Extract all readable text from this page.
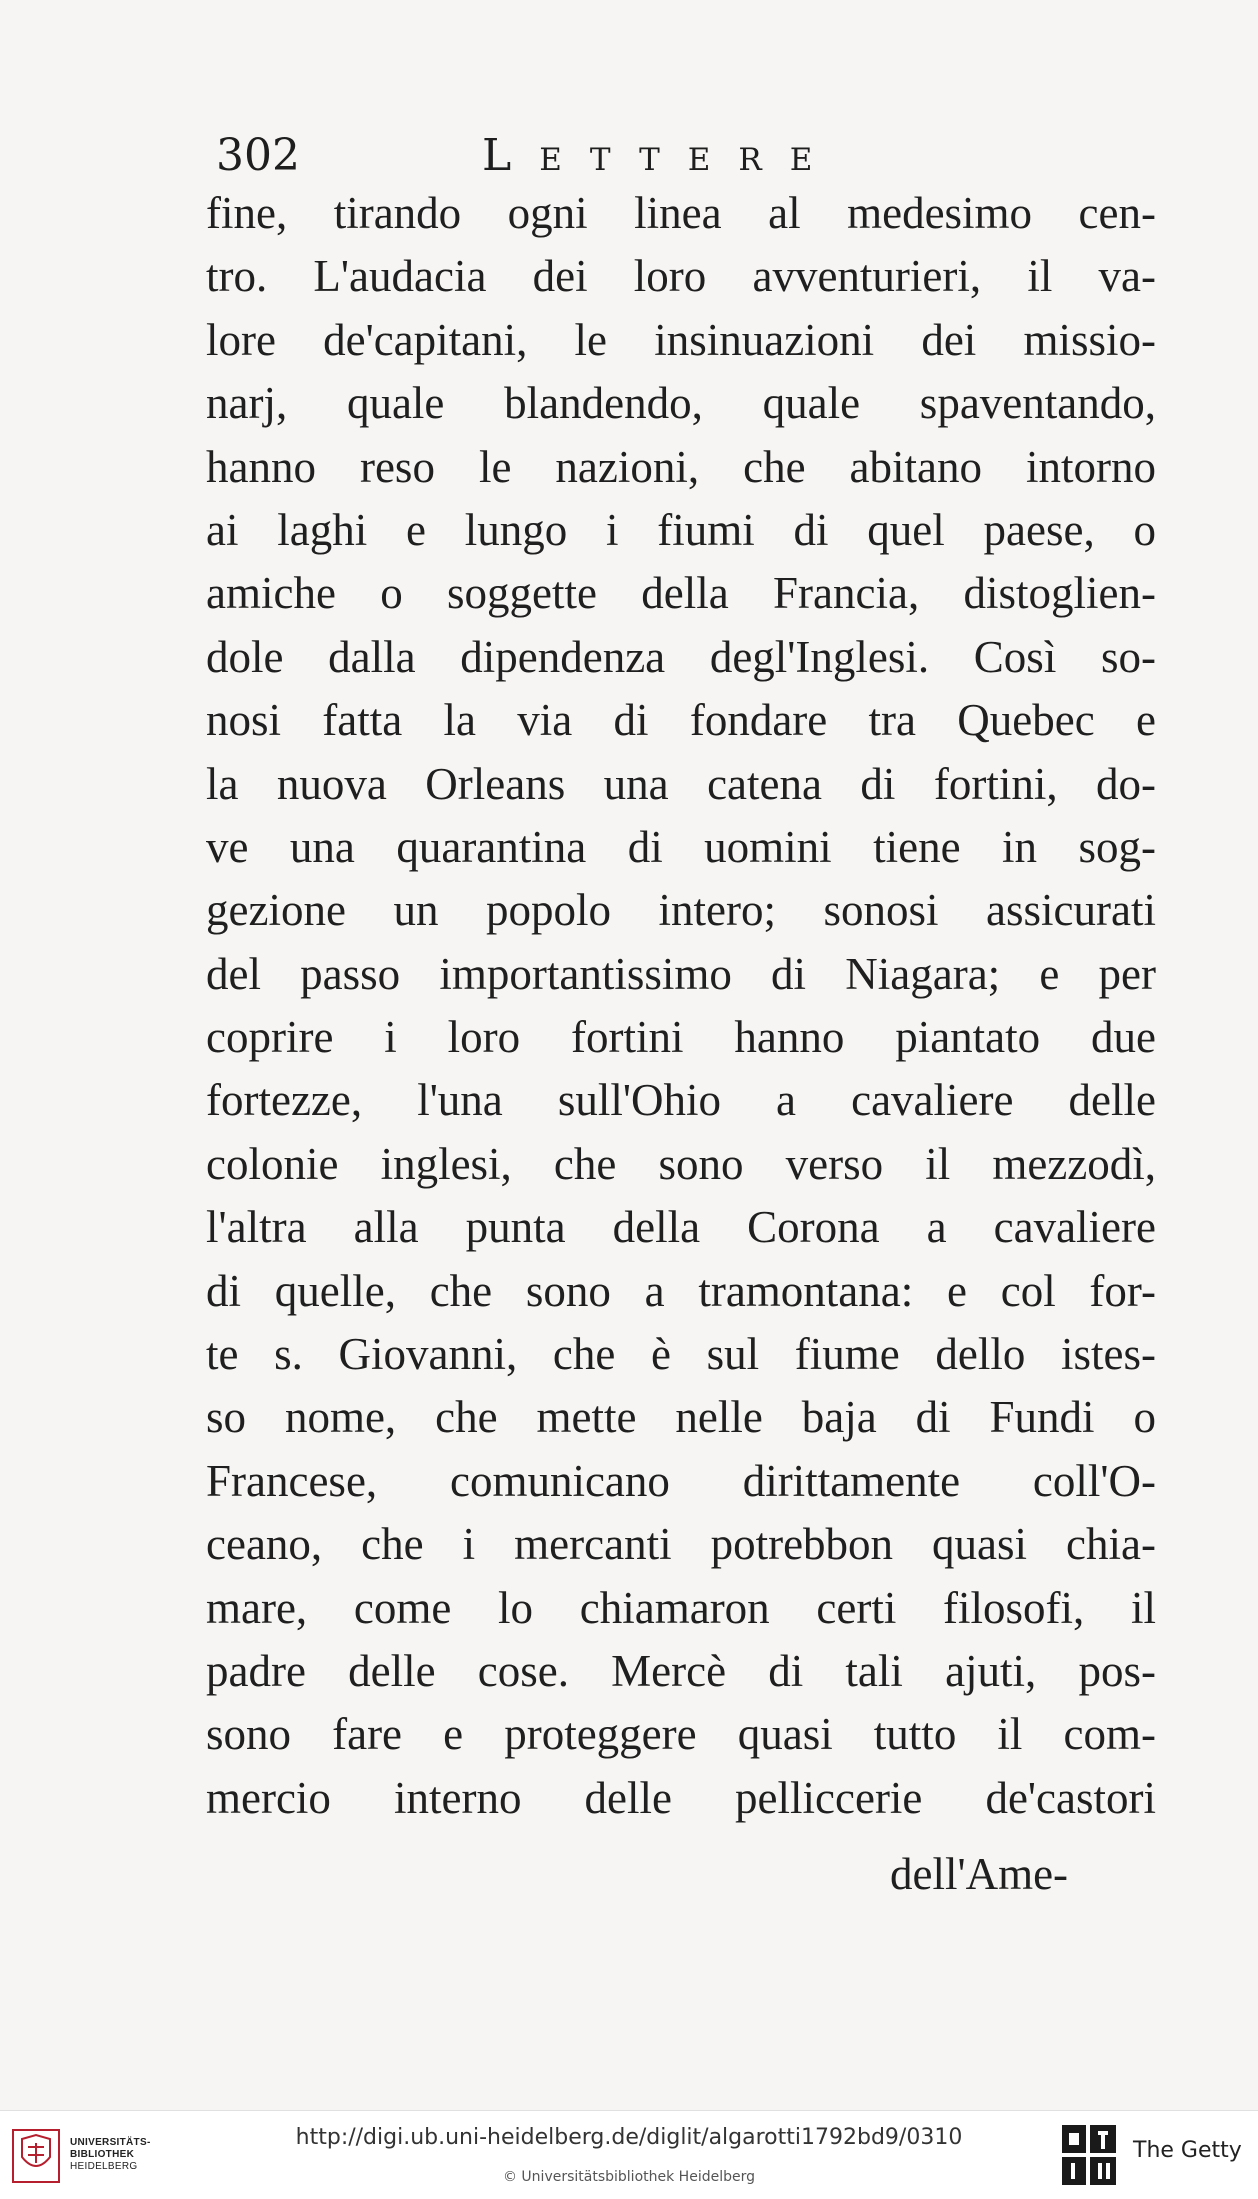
302	Lettere
fine, tirando ogni linea al medesimo cen-
tro. L'audacia dei loro avventurieri, il va-
lore de'capitani, le insinuazioni dei missio-
narj, quale blandendo, quale spaventando,
hanno reso le nazioni, che abitano intorno
ai laghi e lungo i fiumi di quel paese, o
amiche o soggette della Francia, distoglien-
dole dalla dipendenza degl'Inglesi. Così so-
nosi fatta la via di fondare tra Quebec e
la nuova Orleans una catena di fortini, do-
ve una quarantina di uomini tiene in sog-
gezione un popolo intero; sonosi assicurati
del passo importantissimo di Niagara; e per
coprire i loro fortini hanno piantato due
fortezze, l'una sull'Ohio a cavaliere delle
colonie inglesi, che sono verso il mezzodì,
l'altra alla punta della Corona a cavaliere
di quelle, che sono a tramontana: e col for-
te s. Giovanni, che è sul fiume dello istes-
so nome, che mette nelle baja di Fundi o
Francese, comunicano dirittamente coll'O-
ceano, che i mercanti potrebbon quasi chia-
mare, come lo chiamaron certi filosofi, il
padre delle cose. Mercè di tali ajuti, pos-
sono fare e proteggere quasi tutto il com-
mercio interno delle pelliccerie de'castori
dell'Ame-
UNIVERSITÄTS-
BIBLIOTHEK
HEIDELBERG
http://digi.ub.uni-heidelberg.de/diglit/algarotti1792bd9/0310
© Universitätsbibliothek Heidelberg
The Getty
